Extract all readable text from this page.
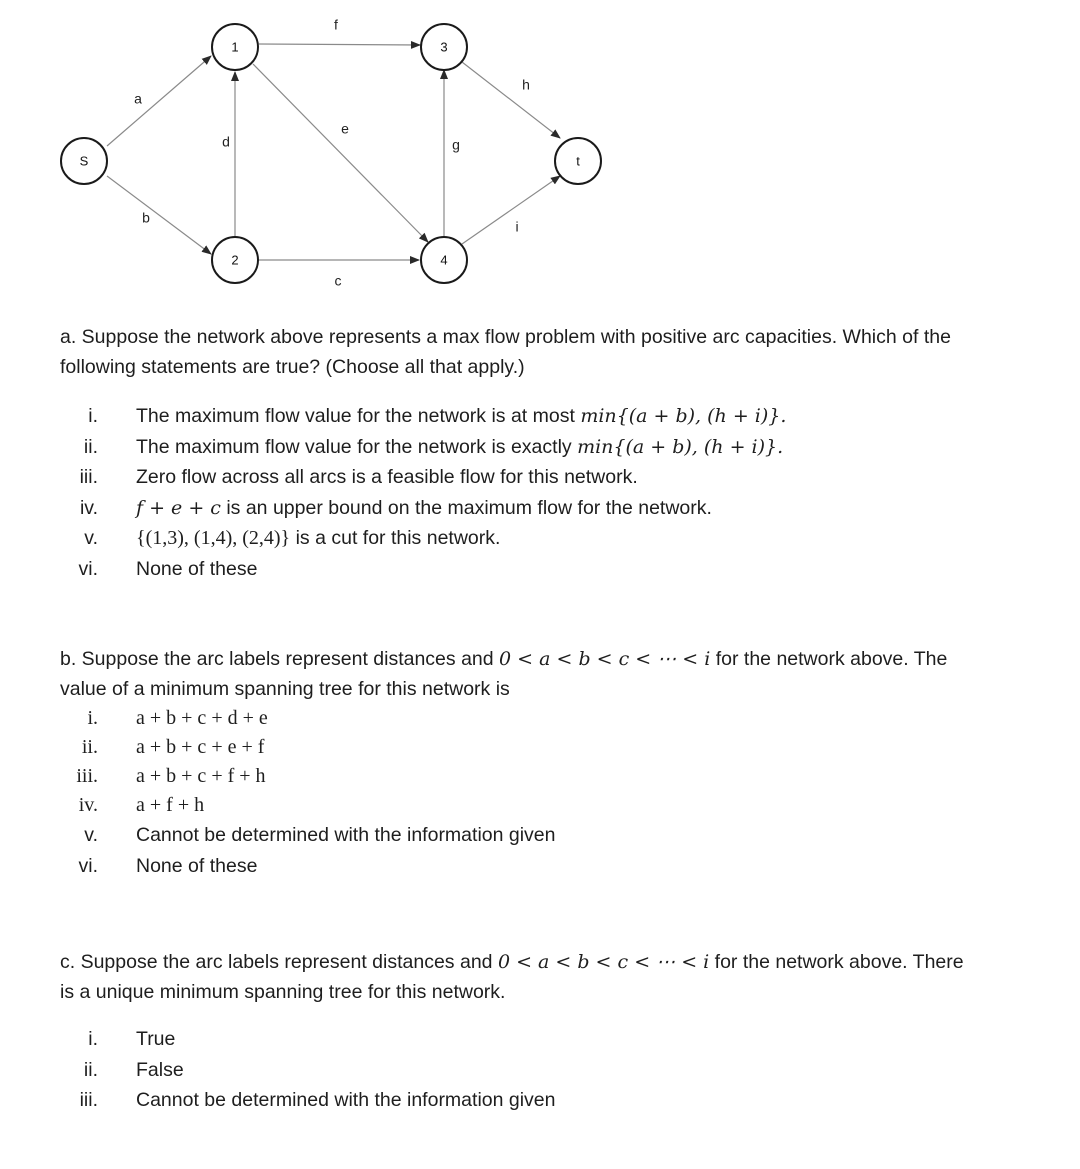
a
b
c
d
e
f
g
h
i
S
1
2
3
4
t

a. Suppose the network above represents a max flow problem with positive arc capacities. Which of the
following statements are true? (Choose all that apply.)

i. The maximum flow value for the network is at most min{(a + b), (h + i)}.
ii. The maximum flow value for the network is exactly min{(a + b), (h + i)}.
iii. Zero flow across all arcs is a feasible flow for this network.
iv. f + e + c is an upper bound on the maximum flow for the network.
v. {(1,3), (1,4), (2,4)} is a cut for this network.
vi. None of these

b. Suppose the arc labels represent distances and 0 < a < b < c < ⋯ < i for the network above. The
value of a minimum spanning tree for this network is

i. a + b + c + d + e
ii. a + b + c + e + f
iii. a + b + c + f + h
iv. a + f + h
v. Cannot be determined with the information given
vi. None of these

c. Suppose the arc labels represent distances and 0 < a < b < c < ⋯ < i for the network above. There
is a unique minimum spanning tree for this network.

i. True
ii. False
iii. Cannot be determined with the information given
